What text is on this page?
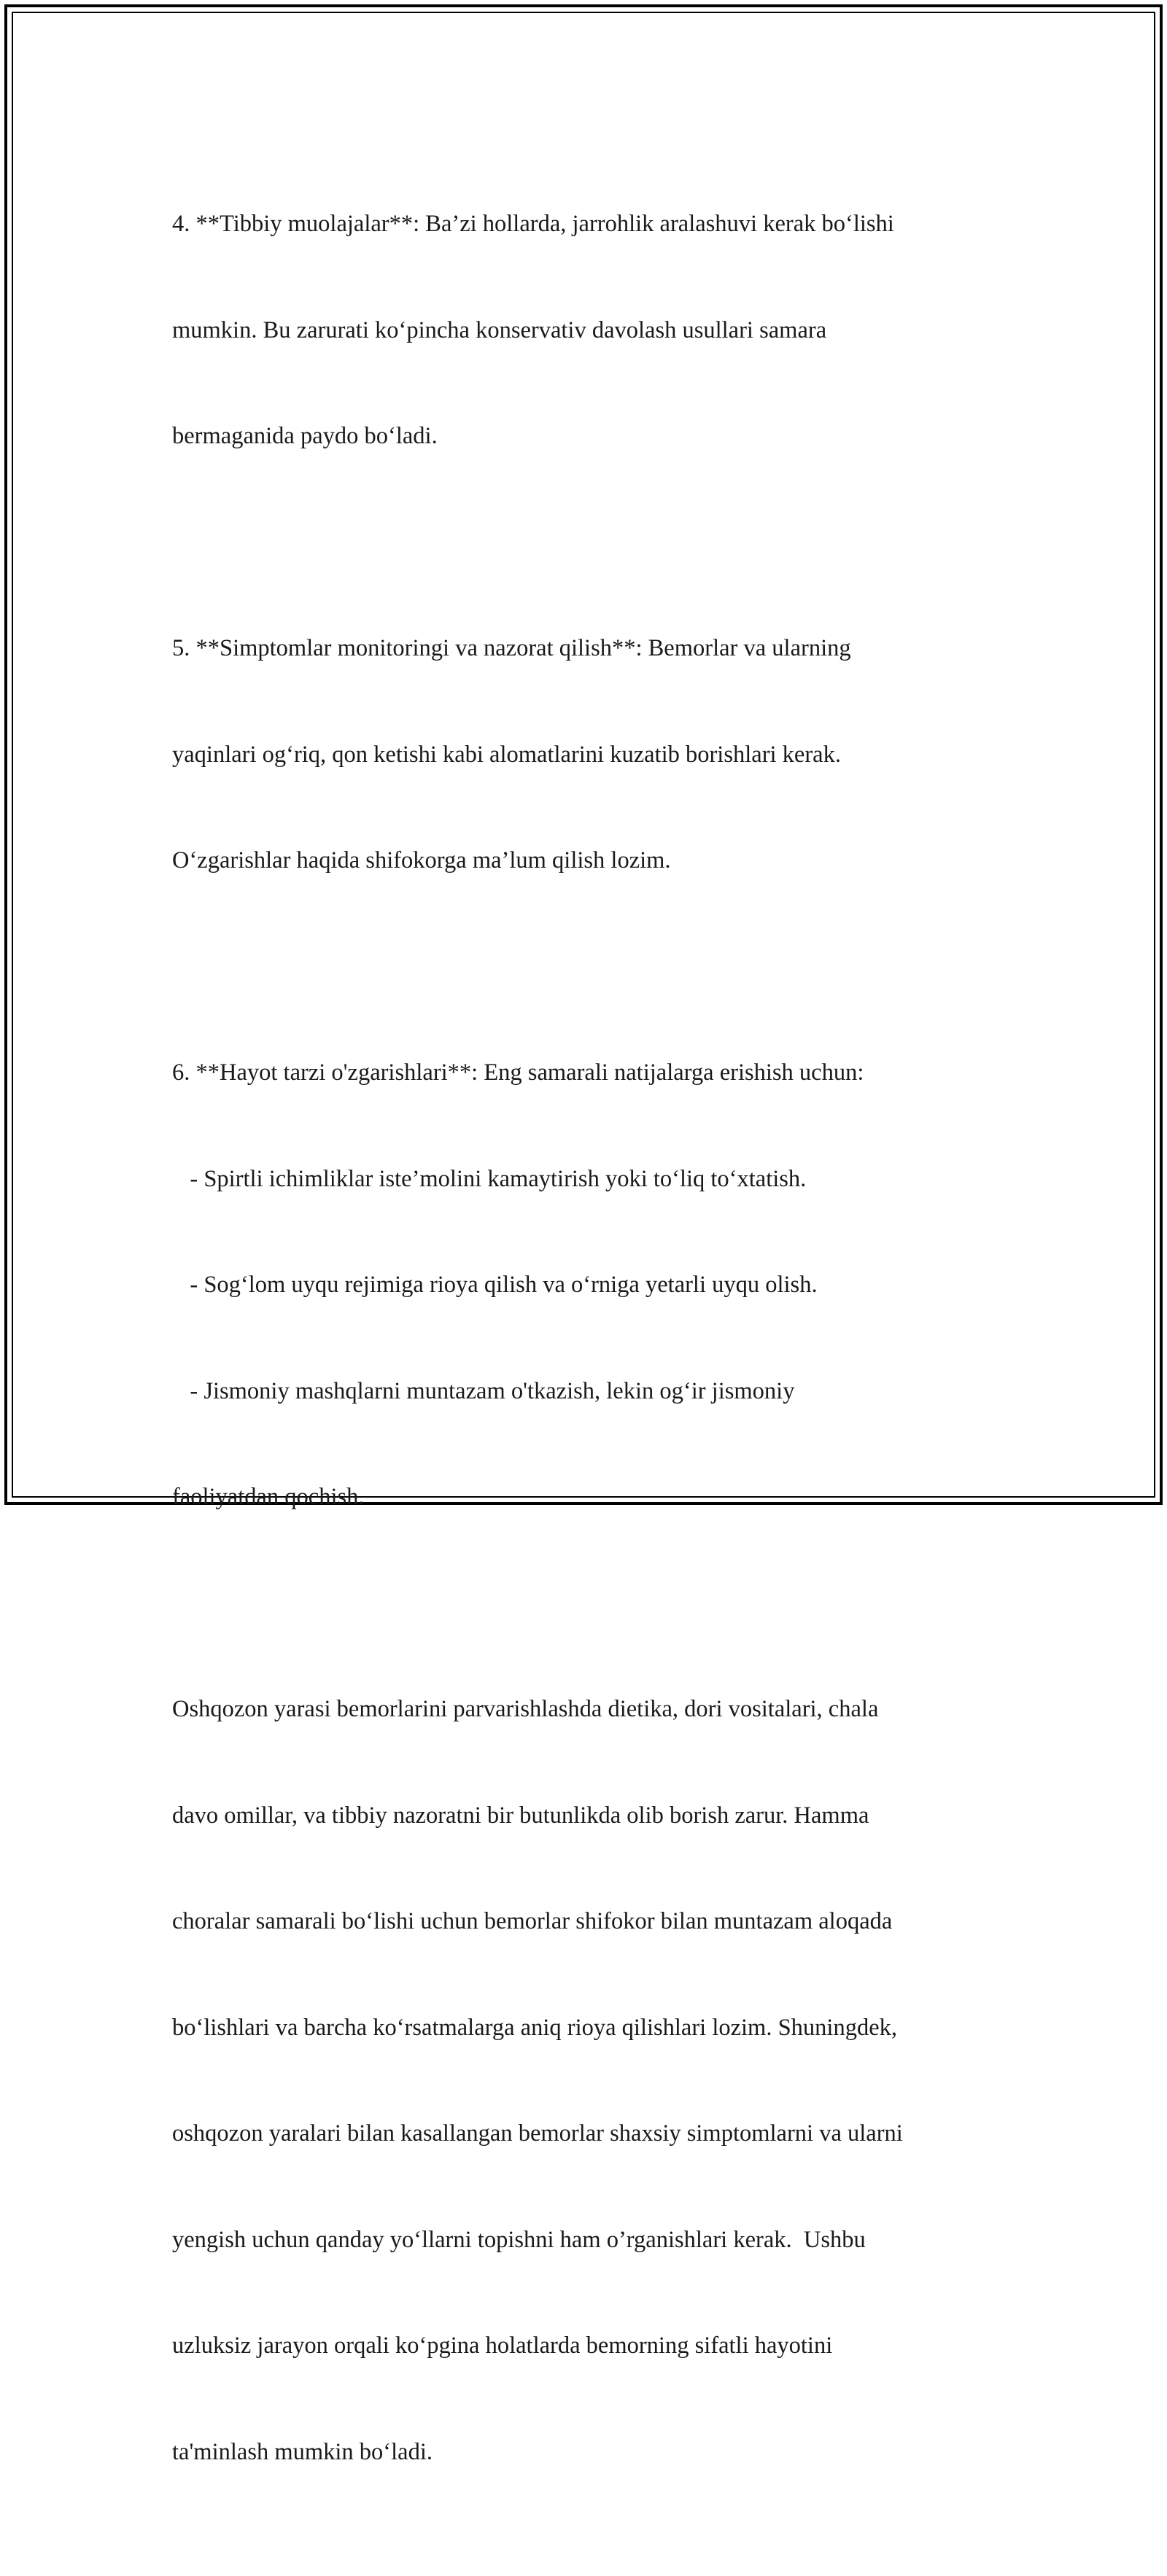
4. **Tibbiy muolajalar**: Ba’zi hollarda, jarrohlik aralashuvi kerak bo‘lishi

mumkin. Bu zarurati ko‘pincha konservativ davolash usullari samara

bermaganida paydo bo‘ladi.

5. **Simptomlar monitoringi va nazorat qilish**: Bemorlar va ularning

yaqinlari og‘riq, qon ketishi kabi alomatlarini kuzatib borishlari kerak.

O‘zgarishlar haqida shifokorga ma’lum qilish lozim.

6. **Hayot tarzi o'zgarishlari**: Eng samarali natijalarga erishish uchun:

- Spirtli ichimliklar iste’molini kamaytirish yoki to‘liq to‘xtatish.

- Sog‘lom uyqu rejimiga rioya qilish va o‘rniga yetarli uyqu olish.

- Jismoniy mashqlarni muntazam o'tkazish, lekin og‘ir jismoniy

faoliyatdan qochish.

Oshqozon yarasi bemorlarini parvarishlashda dietika, dori vositalari, chala

davo omillar, va tibbiy nazoratni bir butunlikda olib borish zarur. Hamma

choralar samarali bo‘lishi uchun bemorlar shifokor bilan muntazam aloqada

bo‘lishlari va barcha ko‘rsatmalarga aniq rioya qilishlari lozim. Shuningdek,

oshqozon yaralari bilan kasallangan bemorlar shaxsiy simptomlarni va ularni

yengish uchun qanday yo‘llarni topishni ham o’rganishlari kerak.  Ushbu

uzluksiz jarayon orqali ko‘pgina holatlarda bemorning sifatli hayotini

ta'minlash mumkin bo‘ladi.
